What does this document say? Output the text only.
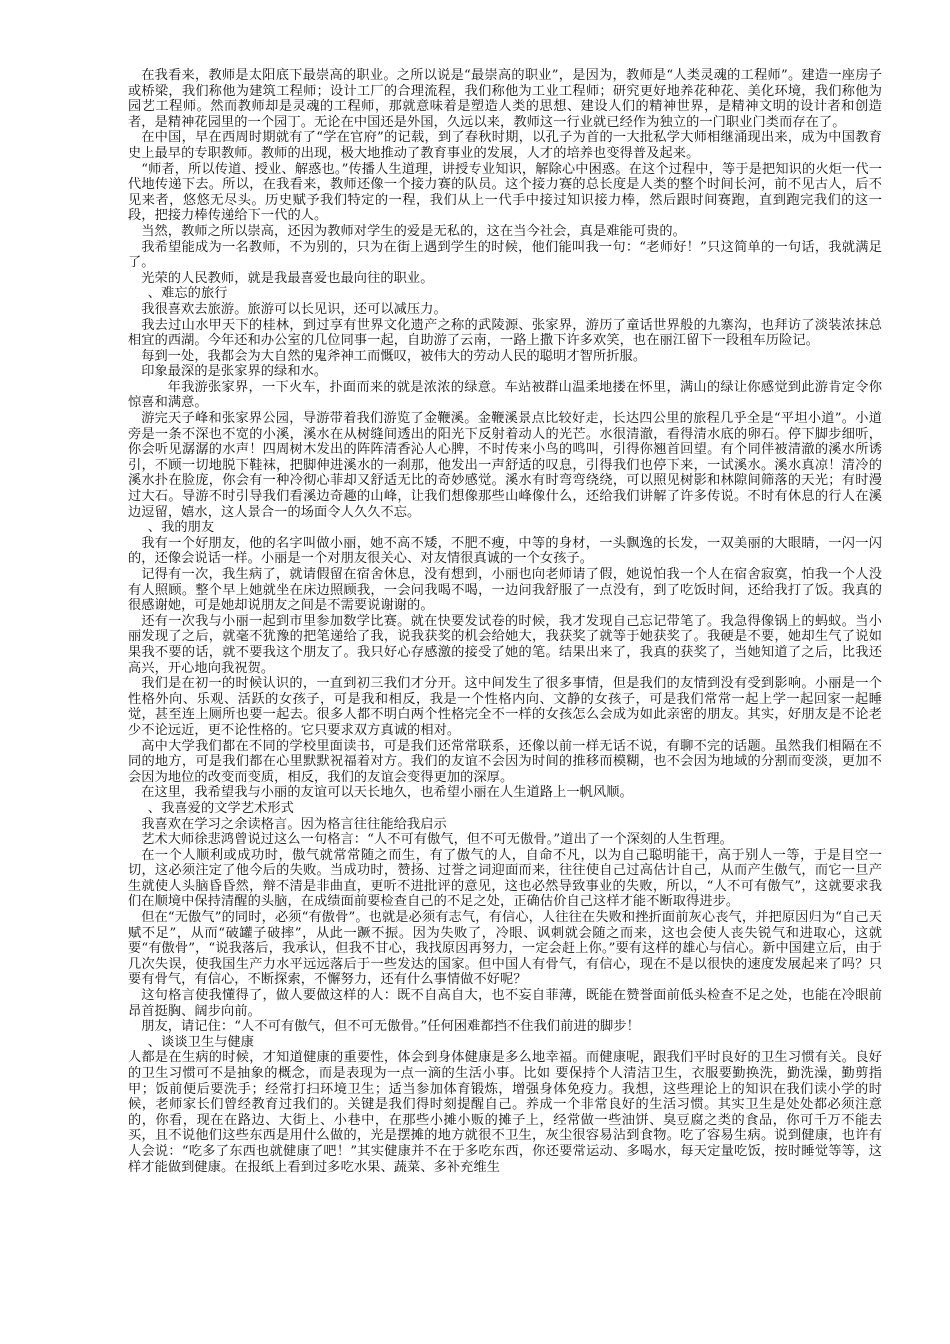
在我看来，教师是太阳底下最崇高的职业。之所以说是“最崇高的职业”，是因为，教师是“人类灵魂的工程师”。建造一座房子或桥梁，我们称他为建筑工程师；设计工厂的合理流程，我们称他为工业工程师；研究更好地养花种花、美化环境，我们称他为园艺工程师。然而教师却是灵魂的工程师，那就意味着是塑造人类的思想、建设人们的精神世界，是精神文明的设计者和创造者，是精神花园里的一个园丁。无论在中国还是外国，久远以来，教师这一行业就已经作为独立的一门职业门类而存在了。

在中国，早在西周时期就有了“学在官府”的记载，到了春秋时期，以孔子为首的一大批私学大师相继涌现出来，成为中国教育史上最早的专职教师。教师的出现，极大地推动了教育事业的发展，人才的培养也变得普及起来。

“师者，所以传道、授业、解惑也。”传播人生道理，讲授专业知识，解除心中困惑。在这个过程中，等于是把知识的火炬一代一代地传递下去。所以，在我看来，教师还像一个接力赛的队员。这个接力赛的总长度是人类的整个时间长河，前不见古人，后不见来者，悠悠无尽头。历史赋予我们特定的一程，我们从上一代手中接过知识接力棒，然后跟时间赛跑，直到跑完我们的这一段，把接力棒传递给下一代的人。

当然，教师之所以崇高，还因为教师对学生的爱是无私的，这在当今社会，真是难能可贵的。

我希望能成为一名教师，不为别的，只为在街上遇到学生的时候，他们能叫我一句：“老师好！”只这简单的一句话，我就满足了。

光荣的人民教师，就是我最喜爱也最向往的职业。

、难忘的旅行

我很喜欢去旅游。旅游可以长见识，还可以减压力。

我去过山水甲天下的桂林，到过享有世界文化遗产之称的武陵源、张家界，游历了童话世界般的九寨沟，也拜访了淡装浓抹总相宜的西湖。今年还和办公室的几位同事一起，自助游了云南，一路上撒下许多欢笑，也在丽江留下一段租车历险记。

每到一处，我都会为大自然的鬼斧神工而慨叹，被伟大的劳动人民的聪明才智所折服。

印象最深的是张家界的绿和水。

年我游张家界，一下火车，扑面而来的就是浓浓的绿意。车站被群山温柔地搂在怀里，满山的绿让你感觉到此游肯定令你惊喜和满意。

游完天子峰和张家界公园，导游带着我们游览了金鞭溪。金鞭溪景点比较好走，长达四公里的旅程几乎全是“平坦小道”。小道旁是一条不深也不宽的小溪，溪水在从树缝间透出的阳光下反射着动人的光芒。水很清澈，看得清水底的卵石。停下脚步细听，你会听见潺潺的水声！四周树木发出的阵阵清香沁人心脾，不时传来小鸟的鸣叫，引得你翘首回望。有个同伴被清澈的溪水所诱引，不顾一切地脱下鞋袜，把脚伸进溪水的一刹那，他发出一声舒适的叹息，引得我们也停下来，一试溪水。溪水真凉！清冷的溪水扑在脸庞，你会有一种冷彻心菲却又舒适无比的奇妙感觉。溪水有时弯弯绕绕，可以照见树影和林隙间筛落的天光；有时漫过大石。导游不时引导我们看溪边奇趣的山峰，让我们想像那些山峰像什么，还给我们讲解了许多传说。不时有休息的行人在溪边逗留，嬉水，这人景合一的场面令人久久不忘。

、我的朋友

我有一个好朋友，他的名字叫做小丽，她不高不矮，不肥不瘦，中等的身材，一头飘逸的长发，一双美丽的大眼睛，一闪一闪的，还像会说话一样。小丽是一个对朋友很关心、对友情很真诚的一个女孩子。

记得有一次，我生病了，就请假留在宿舍休息，没有想到，小丽也向老师请了假，她说怕我一个人在宿舍寂寞，怕我一个人没有人照顾。整个早上她就坐在床边照顾我，一会问我喝不喝，一边问我舒服了一点没有，到了吃饭时间，还给我打了饭。我真的很感谢她，可是她却说朋友之间是不需要说谢谢的。

还有一次我与小丽一起到市里参加数学比赛。就在快要发试卷的时候，我才发现自己忘记带笔了。我急得像锅上的蚂蚁。当小丽发现了之后，就毫不犹豫的把笔递给了我，说我获奖的机会给她大，我获奖了就等于她获奖了。我硬是不要，她却生气了说如果我不要的话，就不要我这个朋友了。我只好心存感激的接受了她的笔。结果出来了，我真的获奖了，当她知道了之后，比我还高兴，开心地向我祝贺。

我们是在初一的时候认识的，一直到初三我们才分开。这中间发生了很多事情，但是我们的友情到没有受到影响。小丽是一个性格外向、乐观、活跃的女孩子，可是我和相反，我是一个性格内向、文静的女孩子，可是我们常常一起上学一起回家一起睡觉，甚至连上厕所也要一起去。很多人都不明白两个性格完全不一样的女孩怎么会成为如此亲密的朋友。其实，好朋友是不论老少不论远近，更不论性格的。它只要求双方真诚的相对。

高中大学我们都在不同的学校里面读书，可是我们还常常联系，还像以前一样无话不说，有聊不完的话题。虽然我们相隔在不同的地方，可是我们都在心里默默祝福着对方。我们的友谊不会因为时间的推移而模糊，也不会因为地域的分割而变淡，更加不会因为地位的改变而变质，相反，我们的友谊会变得更加的深厚。

在这里，我希望我与小丽的友谊可以天长地久，也希望小丽在人生道路上一帆风顺。

、我喜爱的文学艺术形式

我喜欢在学习之余读格言。因为格言往往能给我启示

艺术大师徐悲鸿曾说过这么一句格言：“人不可有傲气，但不可无傲骨。”道出了一个深刻的人生哲理。

在一个人顺利或成功时，傲气就常常随之而生，有了傲气的人，自命不凡，以为自己聪明能干，高于别人一等，于是目空一切，这必须注定了他今后的失败。当成功时，赞扬、过誉之词迎面而来，往往使自己过高估计自己，从而产生傲气，而它一旦产生就使人头脑昏昏然，辩不清是非曲直，更听不进批评的意见，这也必然导致事业的失败，所以，“人不可有傲气”，这就要求我们在顺境中保持清醒的头脑，在成绩面前要检查自己的不足之处，正确估价自己这样才能不断取得进步。

但在“无傲气”的同时，必须“有傲骨”。也就是必须有志气，有信心，人往往在失败和挫折面前灰心丧气，并把原因归为“自己天赋不足”，从而“破罐子破摔”，从此一蹶不振。因为失败了，冷眼、讽刺就会随之而来，这也会使人丧失锐气和进取心，这就要“有傲骨”，“说我落后，我承认，但我不甘心，我找原因再努力，一定会赶上你。”要有这样的雄心与信心。新中国建立后，由于几次失误，使我国生产力水平远远落后于一些发达的国家。但中国人有骨气，有信心，现在不是以很快的速度发展起来了吗？只要有骨气，有信心，不断探索，不懈努力，还有什么事情做不好呢？

这句格言使我懂得了，做人要做这样的人：既不自高自大，也不妄自菲薄，既能在赞誉面前低头检查不足之处，也能在冷眼前昂首挺胸、阔步向前。

朋友，请记住：“人不可有傲气，但不可无傲骨。”任何困难都挡不住我们前进的脚步！

、谈谈卫生与健康

人都是在生病的时候，才知道健康的重要性，体会到身体健康是多么地幸福。而健康呢，跟我们平时良好的卫生习惯有关。良好的卫生习惯可不是抽象的概念，而是表现为一点一滴的生活小事。比如 要保持个人清洁卫生，衣服要勤换洗，勤洗澡，勤剪指甲；饭前便后要洗手；经常打扫环境卫生；适当参加体育锻炼，增强身体免疫力。我想，这些理论上的知识在我们读小学的时候，老师家长们曾经教育过我们的。关键是我们得时刻提醒自己。养成一个非常良好的生活习惯。其实卫生是处处都必须注意的，你看，现在在路边、大街上、小巷中，在那些小摊小贩的摊子上，经常做一些油饼、臭豆腐之类的食品，你可千万不能去买，且不说他们这些东西是用什么做的，光是摆摊的地方就很不卫生，灰尘很容易沾到食物。吃了容易生病。说到健康，也许有人会说：“吃多了东西也就健康了吧！”其实健康并不在于多吃东西，你还要常运动、多喝水，每天定量吃饭，按时睡觉等等，这样才能做到健康。在报纸上看到过多吃水果、蔬菜、多补充维生
